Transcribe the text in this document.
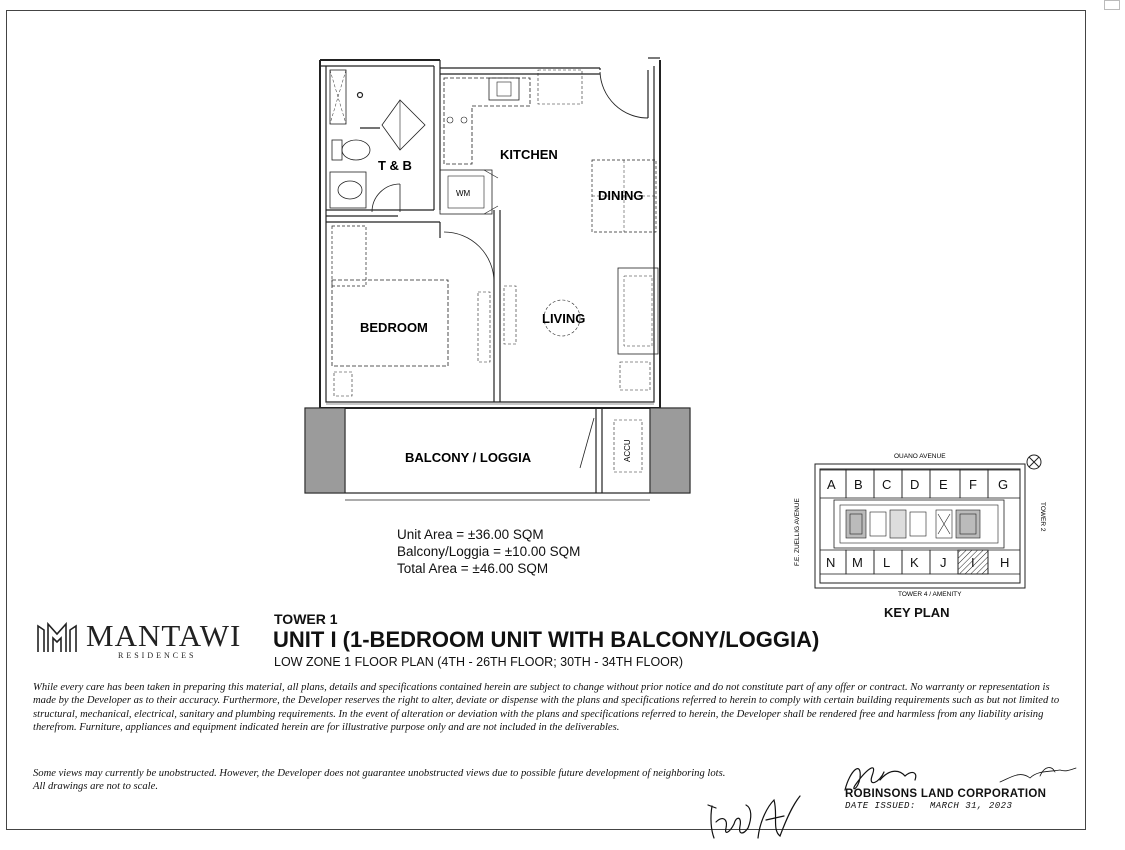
KITCHEN
T & B
DINING
WM
BEDROOM
LIVING
BALCONY / LOGGIA	ACCU
Unit Area = ±36.00 SQM
Balcony/Loggia = ±10.00 SQM
Total Area = ±46.00 SQM
OUANO AVENUE
F.E. ZUELLIG AVENUE	TOWER 2
TOWER 4 / AMENITY
A B C D E F G
N M L K J I H
KEY PLAN
MANTAWI
RESIDENCES
TOWER 1
UNIT I (1-BEDROOM UNIT WITH BALCONY/LOGGIA)
LOW ZONE 1 FLOOR PLAN (4TH - 26TH FLOOR; 30TH - 34TH FLOOR)
While every care has been taken in preparing this material, all plans, details and specifications contained herein are subject to change without prior notice and do not constitute part of any offer or contract. No warranty or representation is made by the Developer as to their accuracy. Furthermore, the Developer reserves the right to alter, deviate or dispense with the plans and specifications referred to herein to comply with certain building requirements such as but not limited to structural, mechanical, electrical, sanitary and plumbing requirements. In the event of alteration or deviation with the plans and specifications referred to herein, the Developer shall be rendered free and harmless from any liability arising therefrom. Furniture, appliances and equipment indicated herein are for illustrative purpose only and are not included in the deliverables.
Some views may currently be unobstructed. However, the Developer does not guarantee unobstructed views due to possible future development of neighboring lots.
All drawings are not to scale.
ROBINSONS LAND CORPORATION
DATE ISSUED: MARCH 31, 2023
